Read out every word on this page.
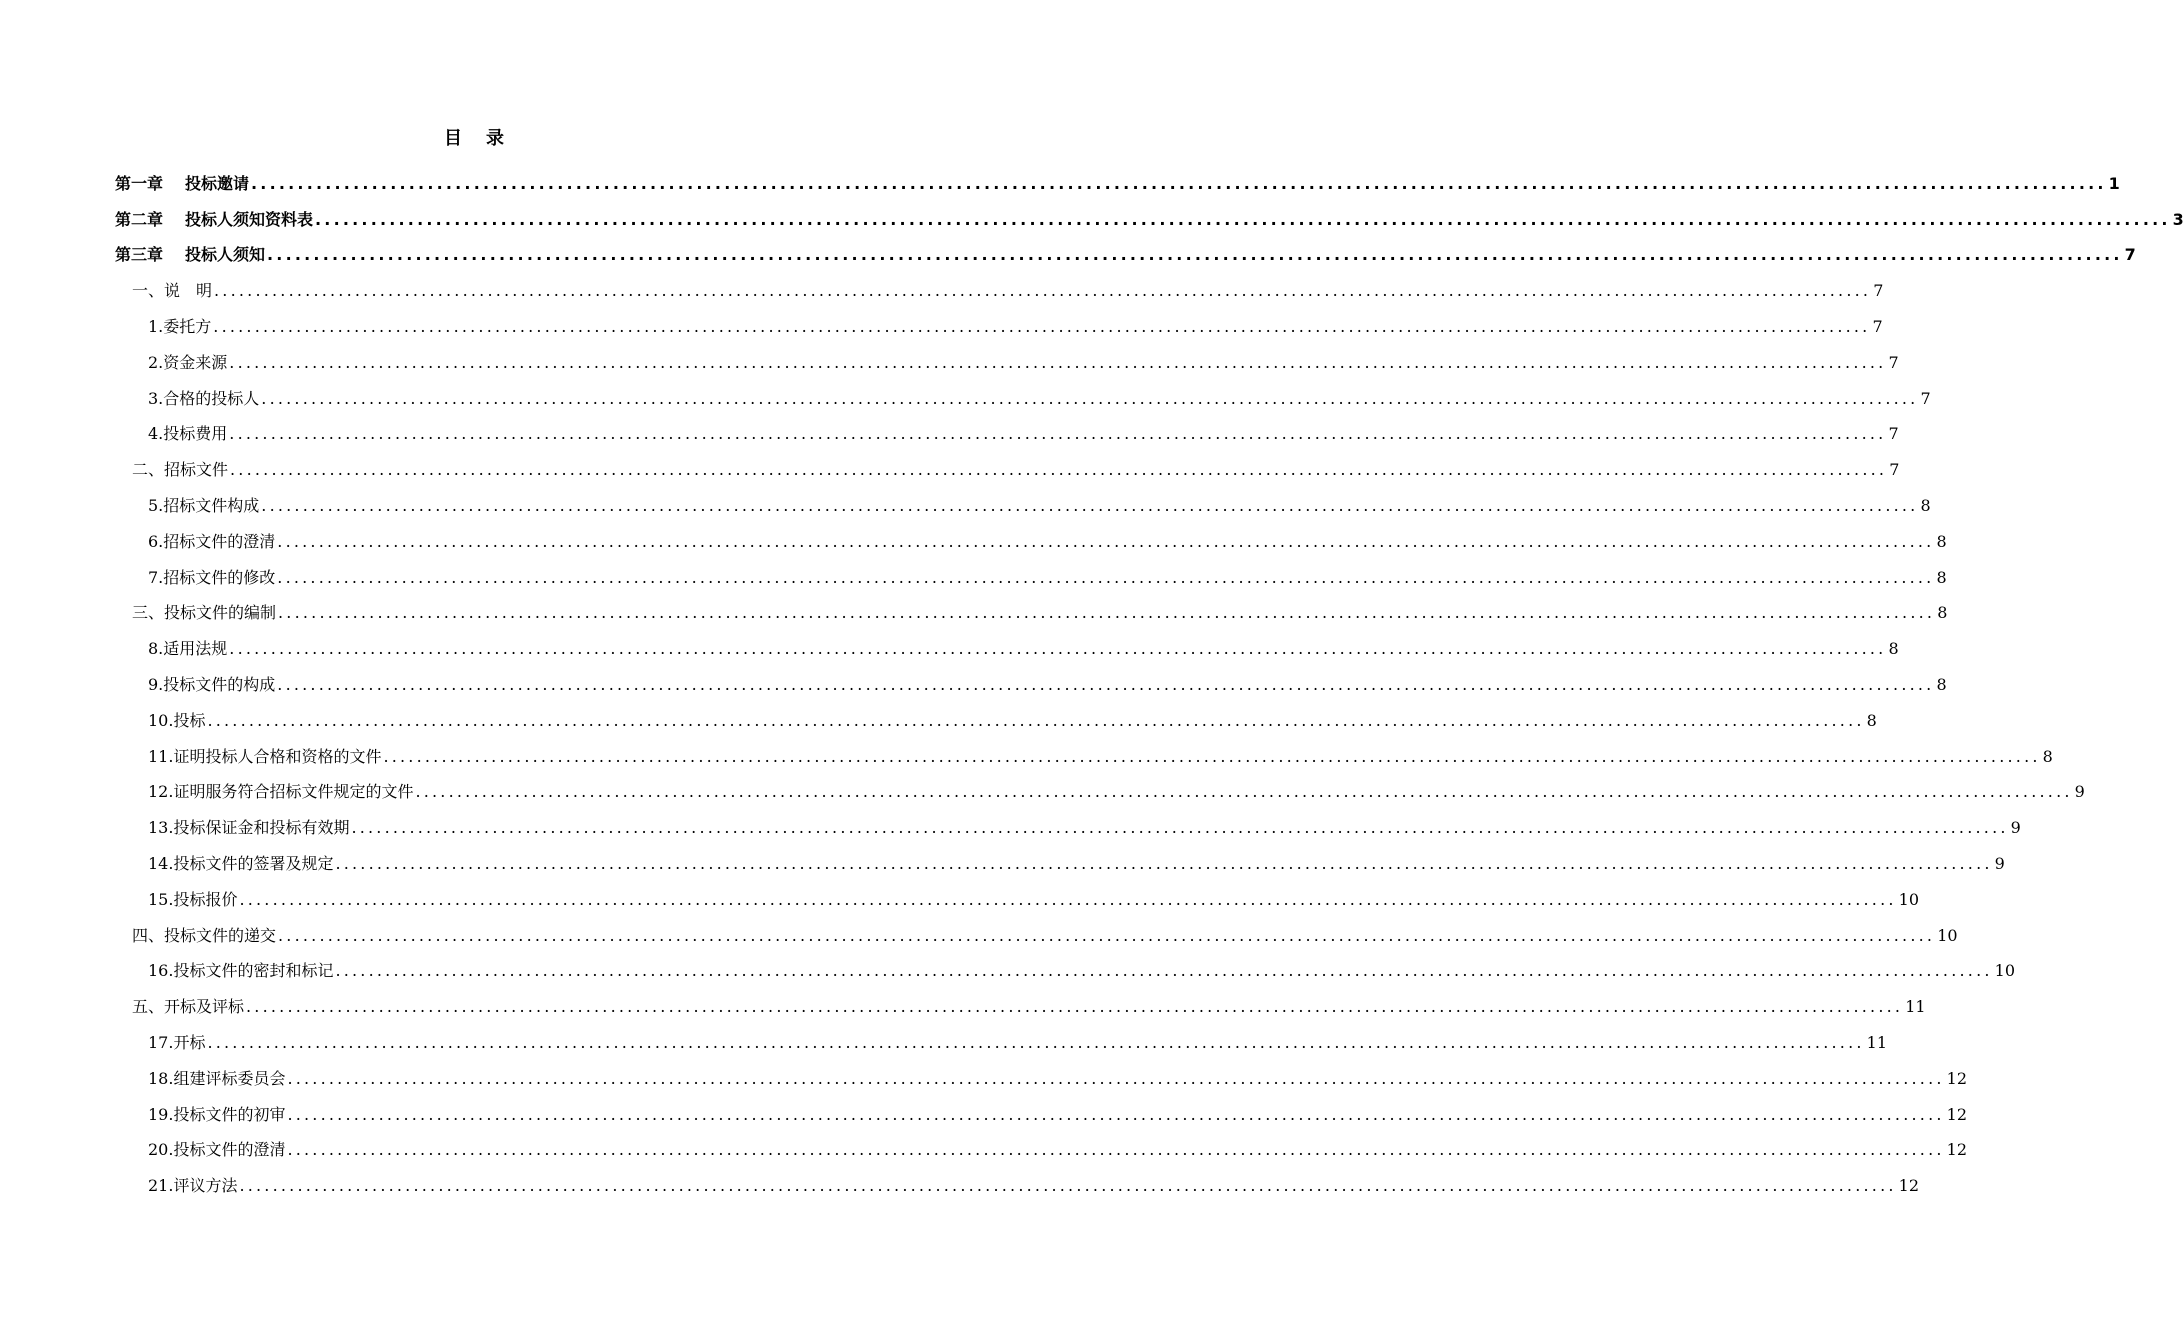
目 录
第一章 投标邀请 ........................................................................................................................................................................................................ 1
第二章 投标人须知资料表 ........................................................................................................................................................................................................ 3
第三章 投标人须知 ........................................................................................................................................................................................................ 7
一、说　明 ........................................................................................................................................................................................................ 7
1.委托方 ........................................................................................................................................................................................................ 7
2.资金来源 ........................................................................................................................................................................................................ 7
3.合格的投标人 ........................................................................................................................................................................................................ 7
4.投标费用 ........................................................................................................................................................................................................ 7
二、招标文件 ........................................................................................................................................................................................................ 7
5.招标文件构成 ........................................................................................................................................................................................................ 8
6.招标文件的澄清 ........................................................................................................................................................................................................ 8
7.招标文件的修改 ........................................................................................................................................................................................................ 8
三、投标文件的编制 ........................................................................................................................................................................................................ 8
8.适用法规 ........................................................................................................................................................................................................ 8
9.投标文件的构成 ........................................................................................................................................................................................................ 8
10.投标 ........................................................................................................................................................................................................ 8
11.证明投标人合格和资格的文件 ........................................................................................................................................................................................................ 8
12.证明服务符合招标文件规定的文件 ........................................................................................................................................................................................................ 9
13.投标保证金和投标有效期 ........................................................................................................................................................................................................ 9
14.投标文件的签署及规定 ........................................................................................................................................................................................................ 9
15.投标报价 ........................................................................................................................................................................................................ 10
四、投标文件的递交 ........................................................................................................................................................................................................ 10
16.投标文件的密封和标记 ........................................................................................................................................................................................................ 10
五、开标及评标 ........................................................................................................................................................................................................ 11
17.开标 ........................................................................................................................................................................................................ 11
18.组建评标委员会 ........................................................................................................................................................................................................ 12
19.投标文件的初审 ........................................................................................................................................................................................................ 12
20.投标文件的澄清 ........................................................................................................................................................................................................ 12
21.评议方法 ........................................................................................................................................................................................................ 12
